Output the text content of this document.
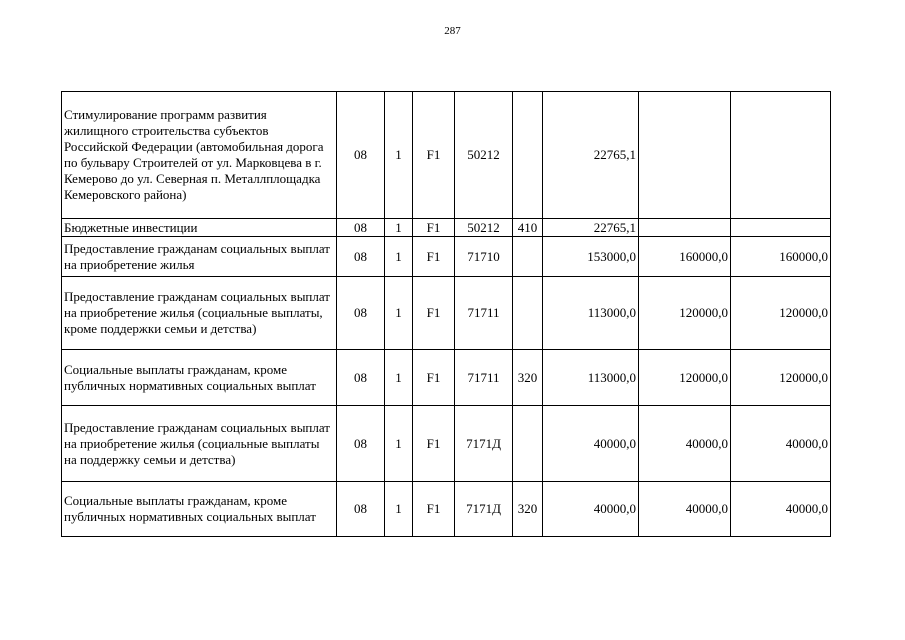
287
Стимулирование программ развития жилищного строительства субъектов Российской Федерации (автомобильная дорога по бульвару Строителей от ул. Марковцева в г. Кемерово до ул. Северная п. Металлплощадка Кемеровского района)	08	1	F1	50212		22765,1		
Бюджетные инвестиции	08	1	F1	50212	410	22765,1		
Предоставление гражданам социальных выплат на приобретение жилья	08	1	F1	71710		153000,0	160000,0	160000,0
Предоставление гражданам социальных выплат на приобретение жилья (социальные выплаты, кроме поддержки семьи и детства)	08	1	F1	71711		113000,0	120000,0	120000,0
Социальные выплаты гражданам, кроме публичных нормативных социальных выплат	08	1	F1	71711	320	113000,0	120000,0	120000,0
Предоставление гражданам социальных выплат на приобретение жилья (социальные выплаты на поддержку семьи и детства)	08	1	F1	7171Д		40000,0	40000,0	40000,0
Социальные выплаты гражданам, кроме публичных нормативных социальных выплат	08	1	F1	7171Д	320	40000,0	40000,0	40000,0
